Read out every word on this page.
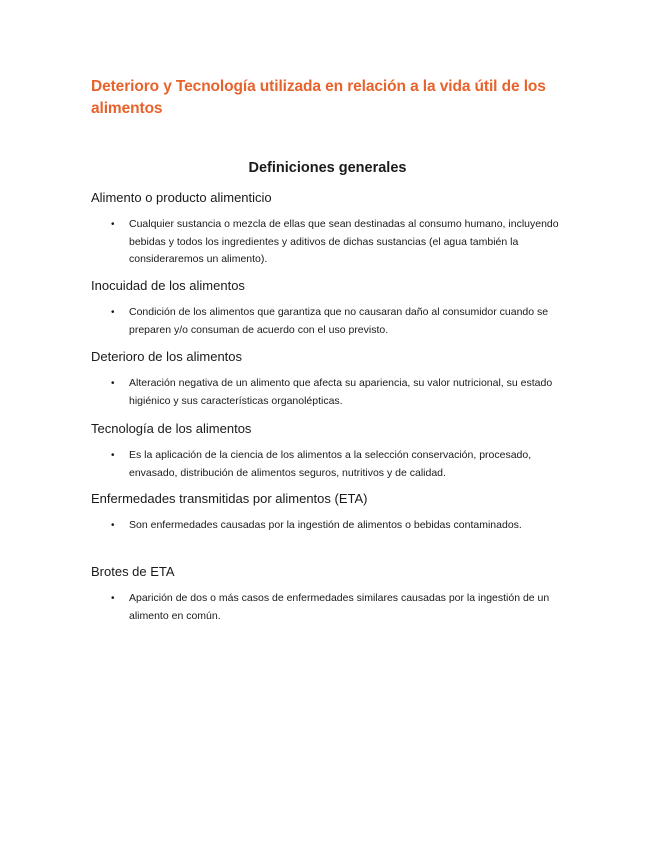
Deterioro y Tecnología utilizada en relación a la vida útil de los alimentos
Definiciones generales
Alimento o producto alimenticio
• Cualquier sustancia o mezcla de ellas que sean destinadas al consumo humano, incluyendo bebidas y todos los ingredientes y aditivos de dichas sustancias (el agua también la consideraremos un alimento).
Inocuidad de los alimentos
• Condición de los alimentos que garantiza que no causaran daño al consumidor cuando se preparen y/o consuman de acuerdo con el uso previsto.
Deterioro de los alimentos
• Alteración negativa de un alimento que afecta su apariencia, su valor nutricional, su estado higiénico y sus características organolépticas.
Tecnología de los alimentos
• Es la aplicación de la ciencia de los alimentos a la selección conservación, procesado, envasado, distribución de alimentos seguros, nutritivos y de calidad.
Enfermedades transmitidas por alimentos (ETA)
• Son enfermedades causadas por la ingestión de alimentos o bebidas contaminados.
Brotes de ETA
• Aparición de dos o más casos de enfermedades similares causadas por la ingestión de un alimento en común.
